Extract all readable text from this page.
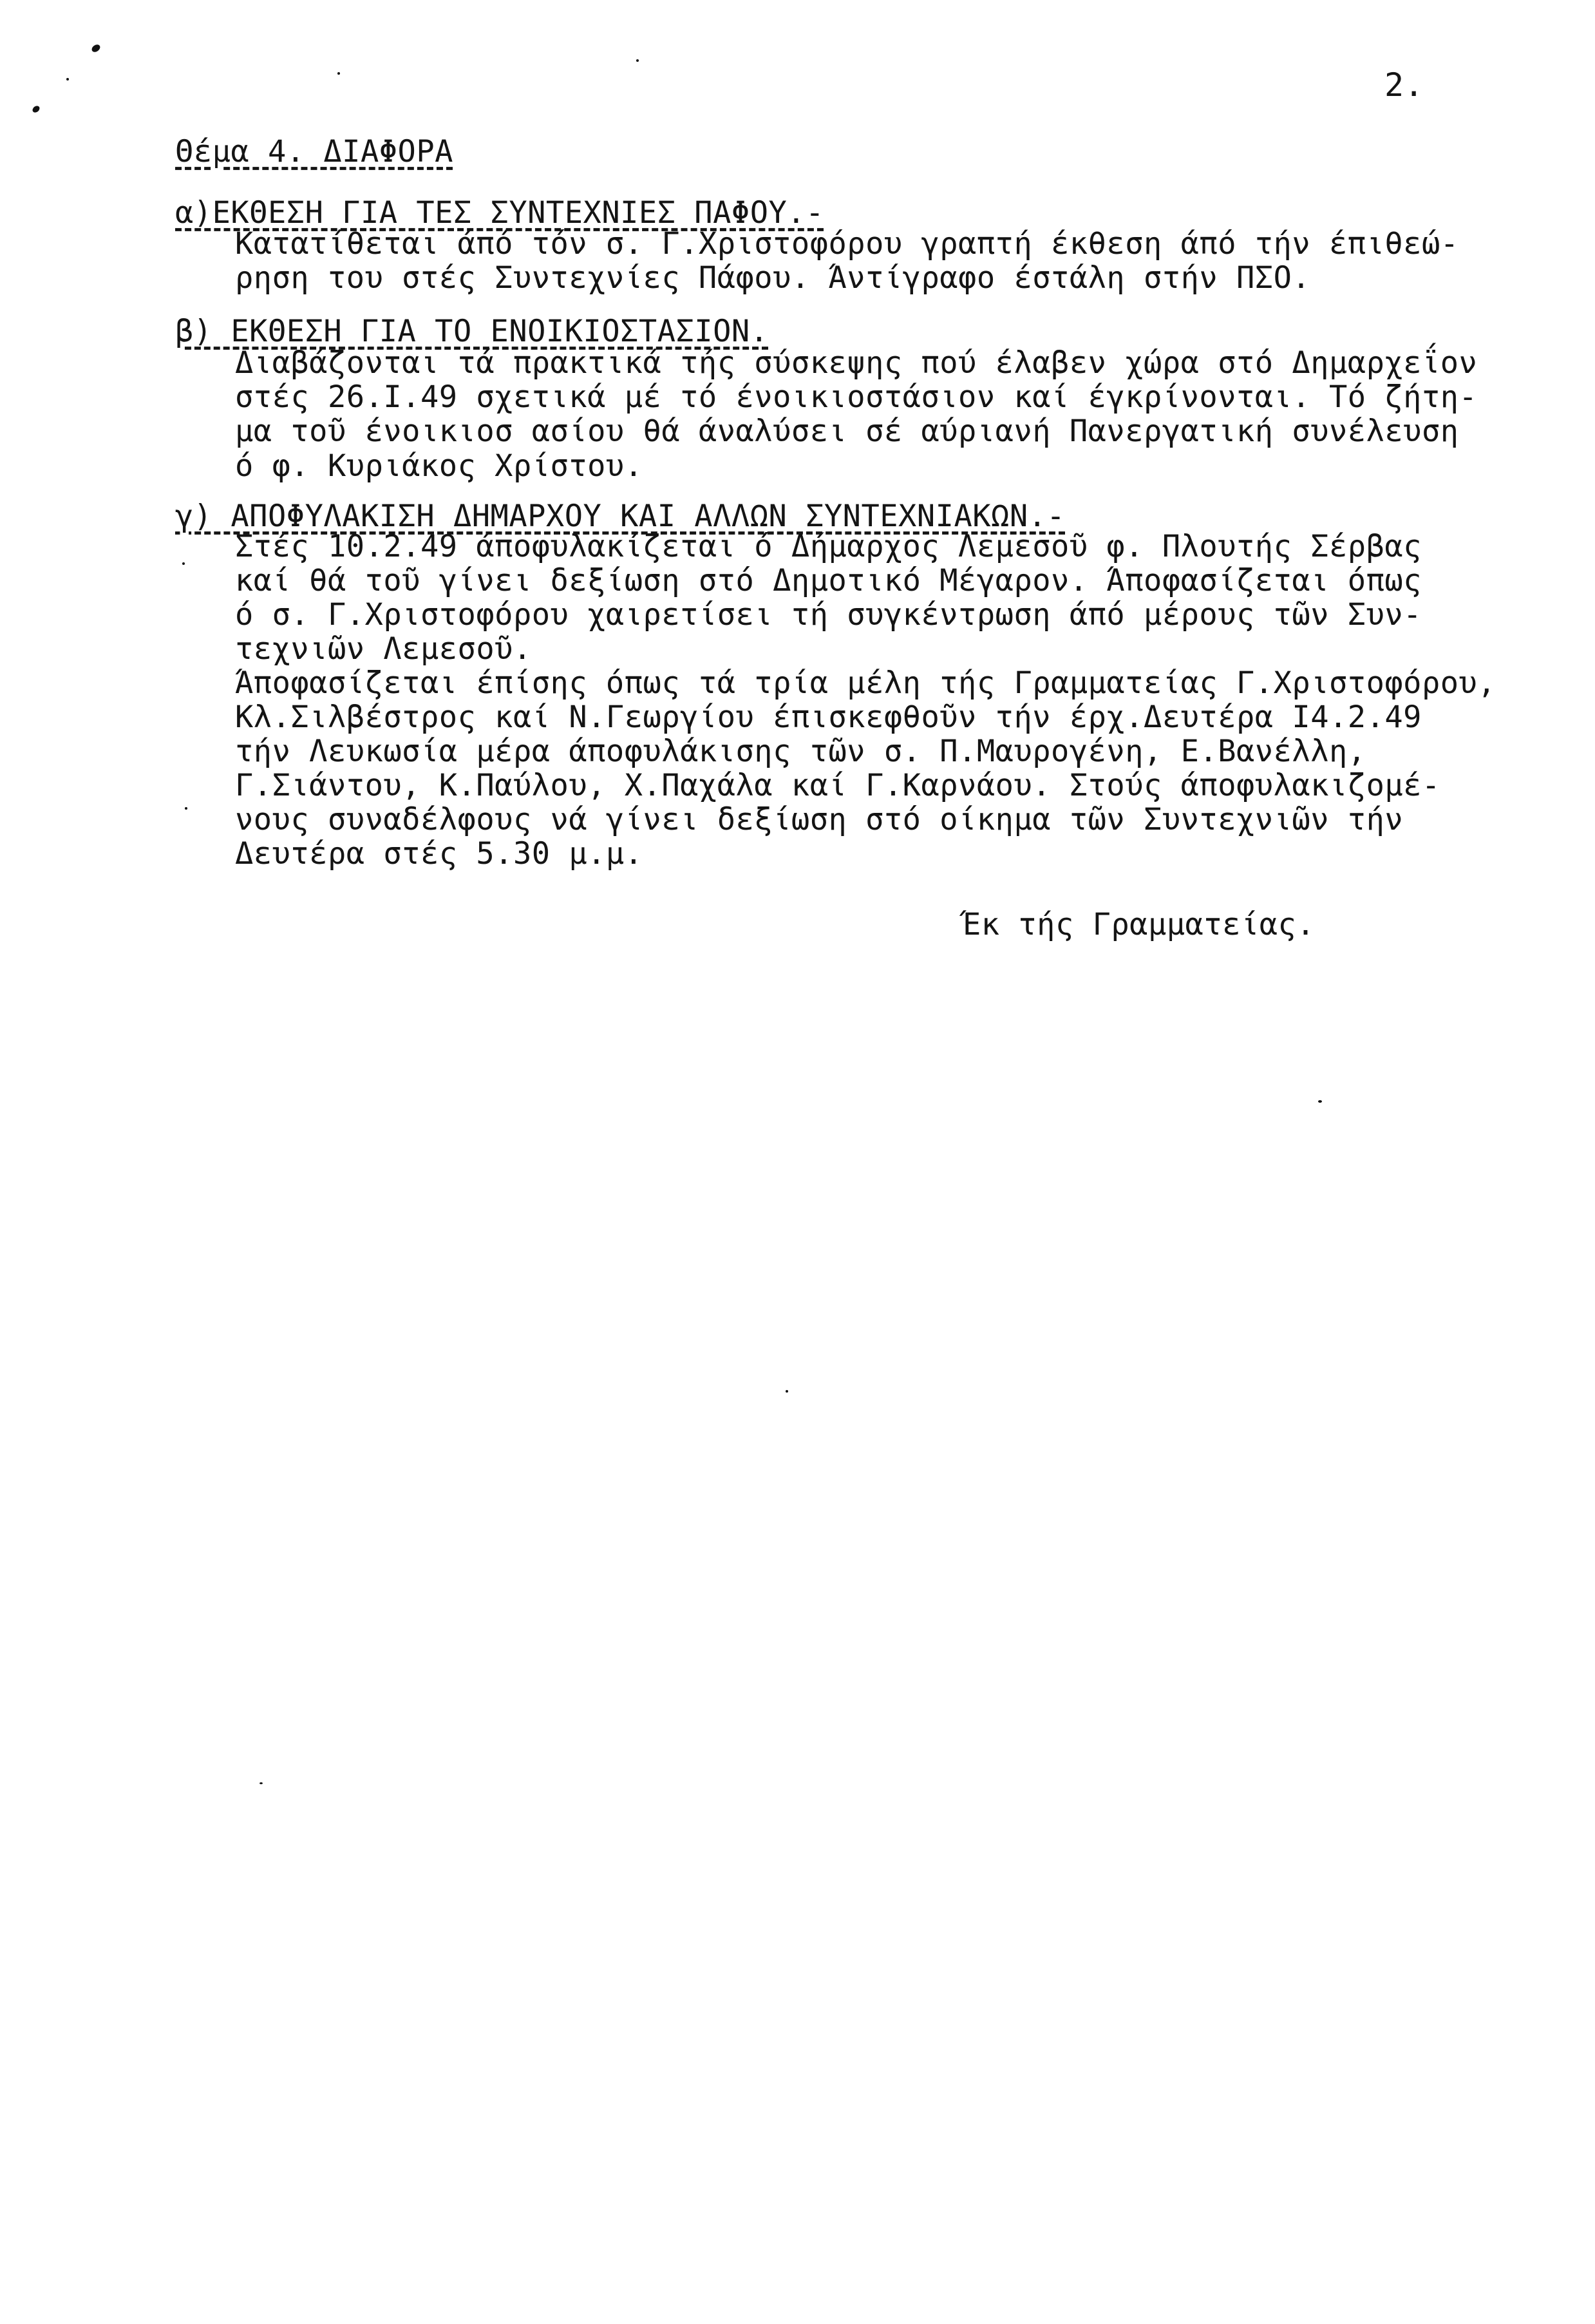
2.
Θέμα 4. ΔΙΑΦΟΡΑ
α)ΕΚΘΕΣΗ ΓΙΑ ΤΕΣ ΣΥΝΤΕΧΝΙΕΣ ΠΑΦΟΥ.-
Κατατίθεται άπό τόν σ. Γ.Χριστοφόρου γραπτή έκθεση άπό τήν έπιθεώ-
ρηση του στές Συντεχνίες Πάφου. Άντίγραφο έστάλη στήν ΠΣΟ.
β) ΕΚΘΕΣΗ ΓΙΑ ΤΟ ΕΝΟΙΚΙΟΣΤΑΣΙΟΝ.
Διαβάζονται τά πρακτικά τής σύσκεψης πού έλαβεν χώρα στό Δημαρχεΐον
στές 26.Ι.49 σχετικά μέ τό ένοικιοστάσιον καί έγκρίνονται. Τό ζήτη-
μα τοῦ ένοικιοσ ασίου θά άναλύσει σέ αύριανή Πανεργατική συνέλευση
ό φ. Κυριάκος Χρίστου.
γ) ΑΠΟΦΥΛΑΚΙΣΗ ΔΗΜΑΡΧΟΥ ΚΑΙ ΑΛΛΩΝ ΣΥΝΤΕΧΝΙΑΚΩΝ.-
Στές 10.2.49 άποφυλακίζεται ό Δήμαρχος Λεμεσοῦ φ. Πλουτής Σέρβας
καί θά τοῦ γίνει δεξίωση στό Δημοτικό Μέγαρον. Άποφασίζεται όπως
ό σ. Γ.Χριστοφόρου χαιρετίσει τή συγκέντρωση άπό μέρους τῶν Συν-
τεχνιῶν Λεμεσοῦ.
Άποφασίζεται έπίσης όπως τά τρία μέλη τής Γραμματείας Γ.Χριστοφόρου,
Κλ.Σιλβέστρος καί Ν.Γεωργίου έπισκεφθοῦν τήν έρχ.Δευτέρα Ι4.2.49
τήν Λευκωσία μέρα άποφυλάκισης τῶν σ. Π.Μαυρογένη, Ε.Βανέλλη,
Γ.Σιάντου, Κ.Παύλου, Χ.Παχάλα καί Γ.Καρνάου. Στούς άποφυλακιζομέ-
νους συναδέλφους νά γίνει δεξίωση στό οίκημα τῶν Συντεχνιῶν τήν
Δευτέρα στές 5.30 μ.μ.
Έκ τής Γραμματείας.
